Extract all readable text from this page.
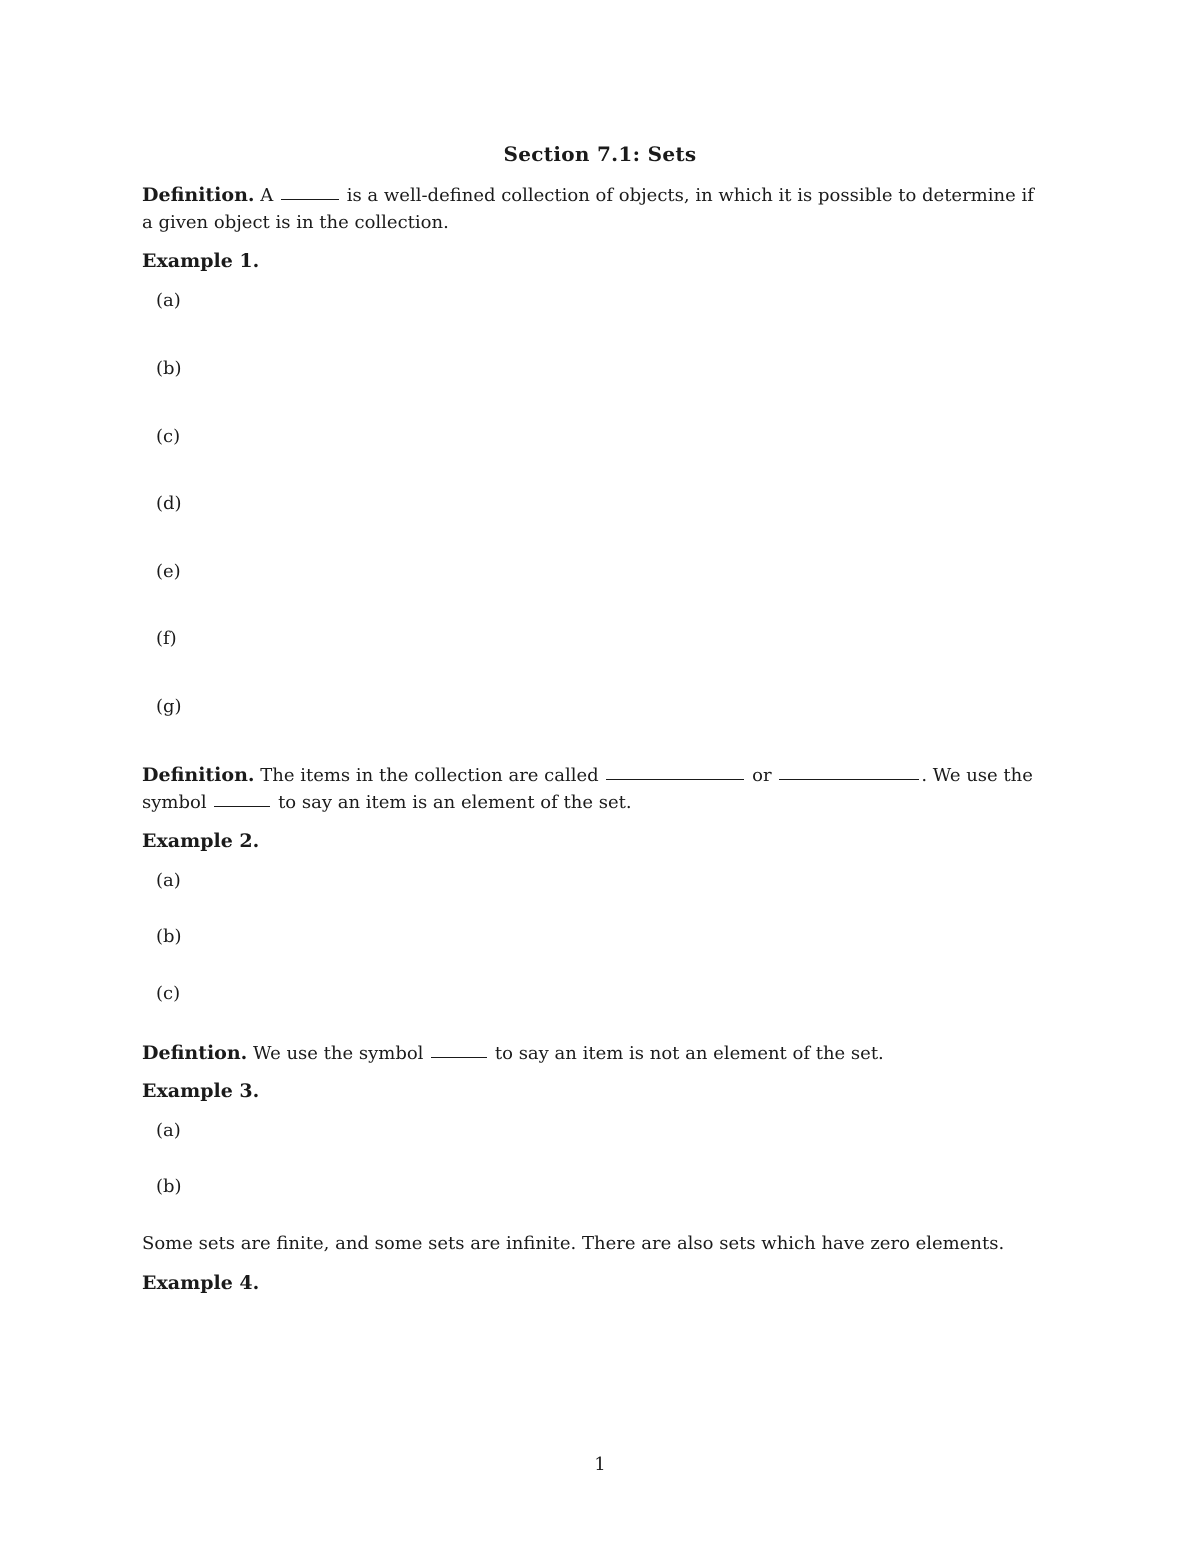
Section 7.1: Sets
Definition. A	is a well-defined collection of objects, in which it is possible to determine if
a given object is in the collection.
Example 1.
(a)
(b)
(c)
(d)
(e)
(f)
(g)
Definition. The items in the collection are called	or	. We use the
symbol	to say an item is an element of the set.
Example 2.
(a)
(b)
(c)
Defintion. We use the symbol	to say an item is not an element of the set.
Example 3.
(a)
(b)
Some sets are finite, and some sets are infinite. There are also sets which have zero elements.
Example 4.
1
